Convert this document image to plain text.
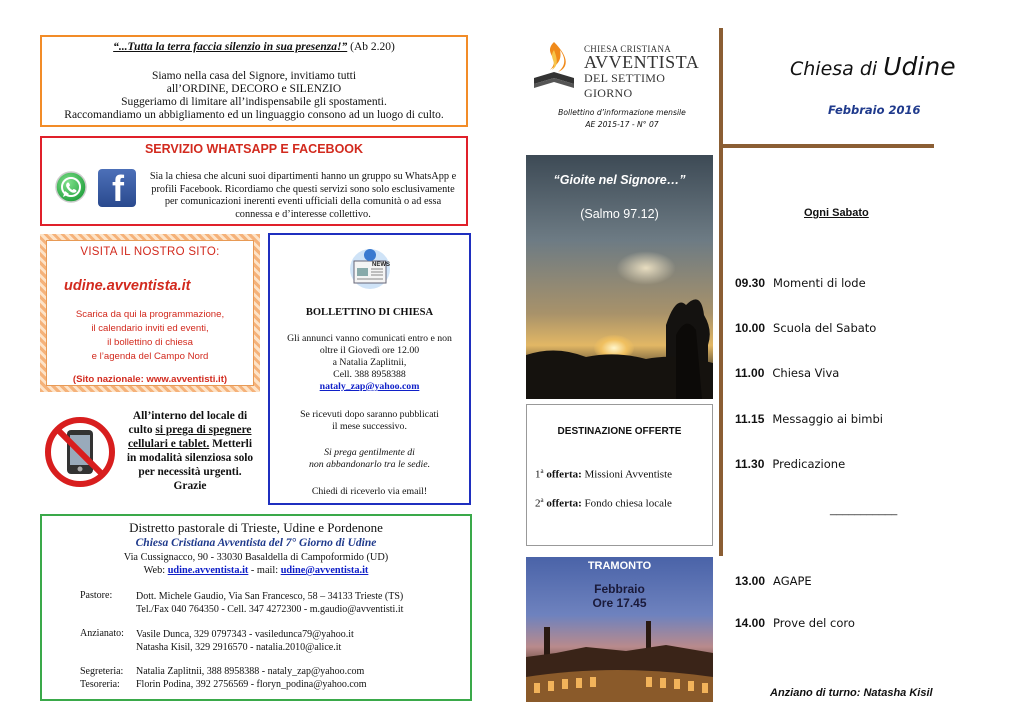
“...Tutta la terra faccia silenzio in sua presenza!” (Ab 2.20)
Siamo nella casa del Signore, invitiamo tutti
all’ORDINE, DECORO e SILENZIO
Suggeriamo di limitare all’indispensabile gli spostamenti.
Raccomandiamo un abbigliamento ed un linguaggio consono ad un luogo di culto.
SERVIZIO WHATSAPP E FACEBOOK
f	Sia la chiesa che alcuni suoi dipartimenti hanno un gruppo su WhatsApp e
profili Facebook. Ricordiamo che questi servizi sono solo esclusivamente
per comunicazioni inerenti eventi ufficiali della comunità o ad essa
connessa e d’interesse collettivo.
VISITA IL NOSTRO SITO:
udine.avventista.it
Scarica da qui la programmazione,
il calendario inviti ed eventi,
il bollettino di chiesa
e l’agenda del Campo Nord
(Sito nazionale: www.avventisti.it)
All’interno del locale di
culto si prega di spegnere
cellulari e tablet. Metterli
in modalità silenziosa solo
per necessità urgenti.
Grazie
NEWS
BOLLETTINO DI CHIESA
Gli annunci vanno comunicati entro e non
oltre il Giovedì ore 12.00
a Natalia Zaplitnii,
Cell. 388 8958388
nataly_zap@yahoo.com
Se ricevuti dopo saranno pubblicati
il mese successivo.
Si prega gentilmente di
non abbandonarlo tra le sedie.
Chiedi di riceverlo via email!
Distretto pastorale di Trieste, Udine e Pordenone
Chiesa Cristiana Avventista del 7° Giorno di Udine
Via Cussignacco, 90 - 33030 Basaldella di Campoformido (UD)
Web: udine.avventista.it - mail: udine@avventista.it
Pastore: Dott. Michele Gaudio, Via San Francesco, 58 – 34133 Trieste (TS)
Tel./Fax 040 764350 - Cell. 347 4272300 - m.gaudio@avventisti.it
Anzianato: Vasile Dunca, 329 0797343 - vasiledunca79@yahoo.it
Natasha Kisil, 329 2916570 - natalia.2010@alice.it
Segreteria: Natalia Zaplitnii, 388 8958388 - nataly_zap@yahoo.com
Tesoreria: Florin Podina, 392 2756569 - floryn_podina@yahoo.com
CHIESA CRISTIANA
AVVENTISTA
DEL SETTIMO GIORNO
Bollettino d’informazione mensile
AE 2015-17 - N° 07
“Gioite nel Signore…”
(Salmo 97.12)
DESTINAZIONE OFFERTE
1$^a$ offerta: Missioni Avventiste
2$^a$ offerta: Fondo chiesa locale
TRAMONTO
Febbraio
Ore 17.45
Chiesa di Udine
Febbraio 2016
Ogni Sabato
09.30 Momenti di lode
10.00 Scuola del Sabato
11.00 Chiesa Viva
11.15 Messaggio ai bimbi
11.30 Predicazione
___________
13.00 AGAPE
14.00 Prove del coro
Anziano di turno: Natasha Kisil
